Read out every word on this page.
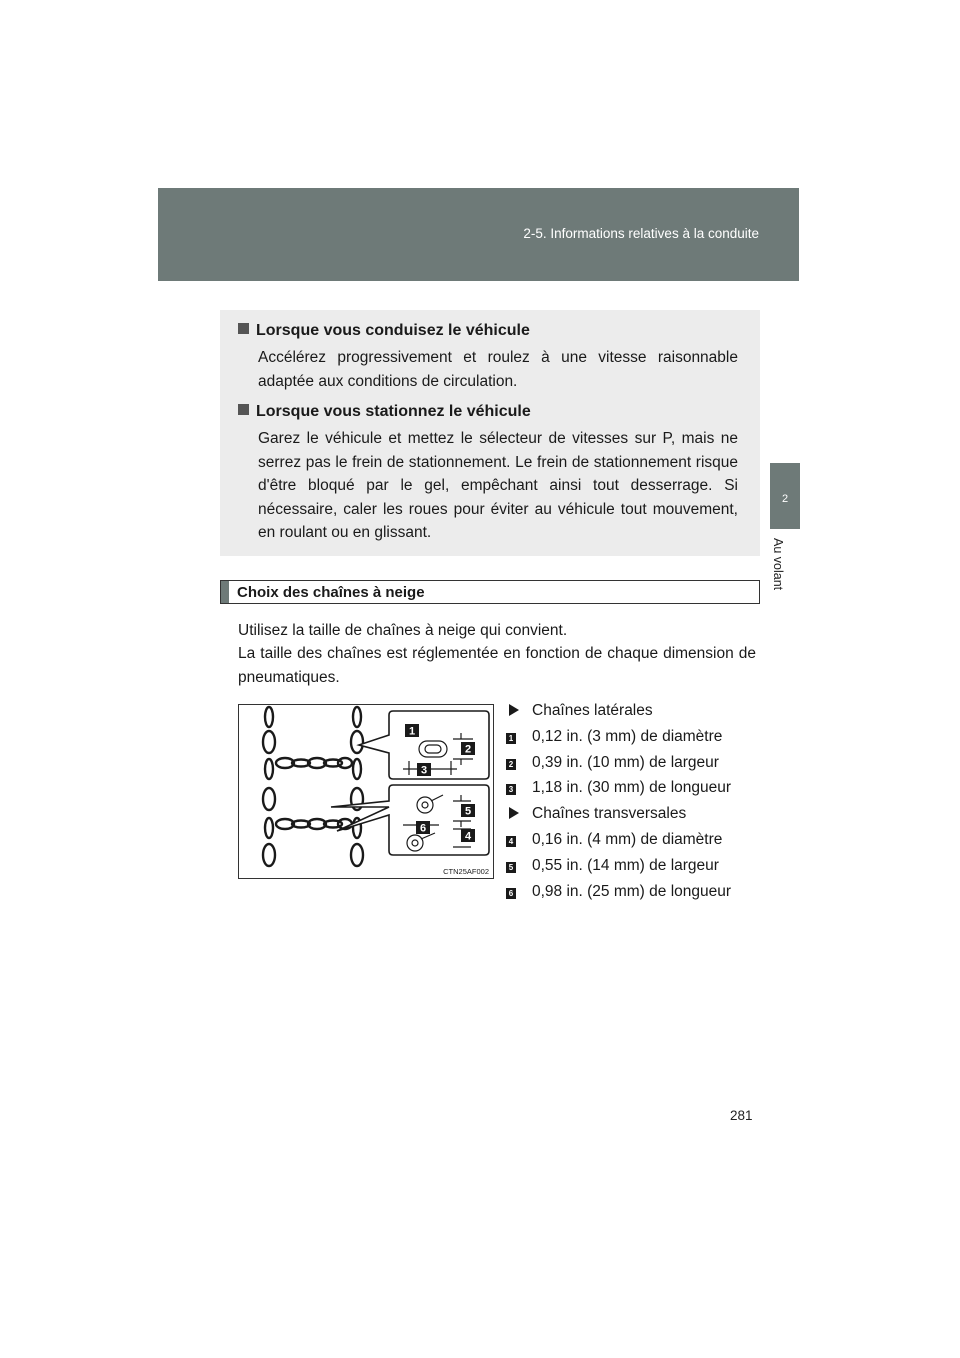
2-5. Informations relatives à la conduite
2
Au volant
Lorsque vous conduisez le véhicule
Accélérez progressivement et roulez à une vitesse raisonnable adaptée aux conditions de circulation.
Lorsque vous stationnez le véhicule
Garez le véhicule et mettez le sélecteur de vitesses sur P, mais ne serrez pas le frein de stationnement. Le frein de stationnement risque d'être bloqué par le gel, empêchant ainsi tout desserrage. Si nécessaire, caler les roues pour éviter au véhicule tout mouvement, en roulant ou en glissant.
Choix des chaînes à neige
Utilisez la taille de chaînes à neige qui convient.
La taille des chaînes est réglementée en fonction de chaque dimension de pneumatiques.
1
2
3
4
5
6
CTN25AF002
Chaînes latérales
1	0,12 in. (3 mm) de diamètre
2	0,39 in. (10 mm) de largeur
3	1,18 in. (30 mm) de longueur
Chaînes transversales
4	0,16 in. (4 mm) de diamètre
5	0,55 in. (14 mm) de largeur
6	0,98 in. (25 mm) de longueur
281
